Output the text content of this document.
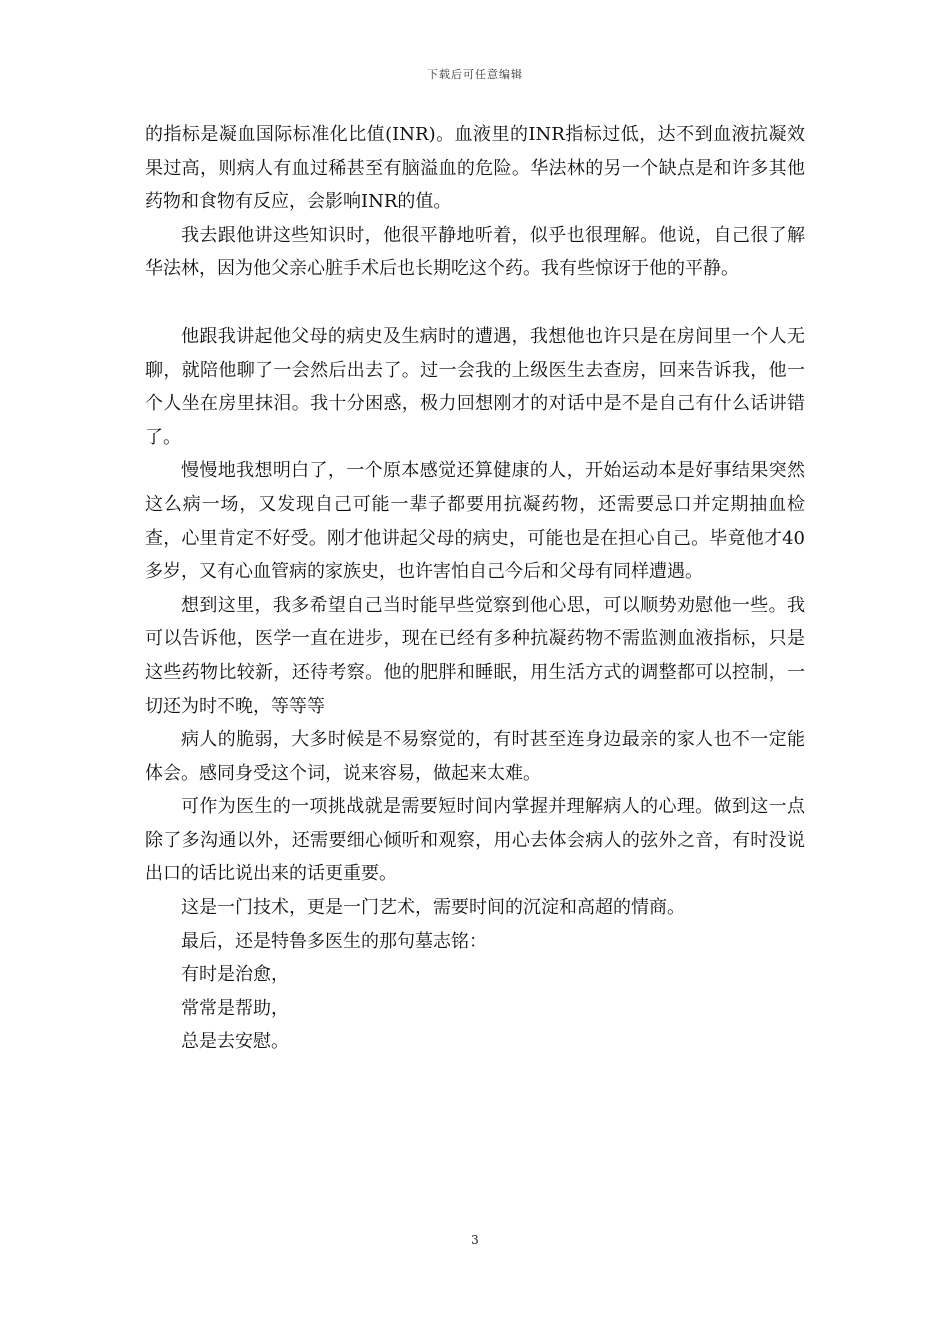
下载后可任意编辑

的指标是凝血国际标准化比值(INR)。血液里的INR指标过低，达不到血液抗凝效果过高，则病人有血过稀甚至有脑溢血的危险。华法林的另一个缺点是和许多其他药物和食物有反应，会影响INR的值。

我去跟他讲这些知识时，他很平静地听着，似乎也很理解。他说，自己很了解华法林，因为他父亲心脏手术后也长期吃这个药。我有些惊讶于他的平静。

他跟我讲起他父母的病史及生病时的遭遇，我想他也许只是在房间里一个人无聊，就陪他聊了一会然后出去了。过一会我的上级医生去查房，回来告诉我，他一个人坐在房里抹泪。我十分困惑，极力回想刚才的对话中是不是自己有什么话讲错了。

慢慢地我想明白了，一个原本感觉还算健康的人，开始运动本是好事结果突然这么病一场，又发现自己可能一辈子都要用抗凝药物，还需要忌口并定期抽血检查，心里肯定不好受。刚才他讲起父母的病史，可能也是在担心自己。毕竟他才40多岁，又有心血管病的家族史，也许害怕自己今后和父母有同样遭遇。

想到这里，我多希望自己当时能早些觉察到他心思，可以顺势劝慰他一些。我可以告诉他，医学一直在进步，现在已经有多种抗凝药物不需监测血液指标，只是这些药物比较新，还待考察。他的肥胖和睡眠，用生活方式的调整都可以控制，一切还为时不晚，等等等

病人的脆弱，大多时候是不易察觉的，有时甚至连身边最亲的家人也不一定能体会。感同身受这个词，说来容易，做起来太难。

可作为医生的一项挑战就是需要短时间内掌握并理解病人的心理。做到这一点除了多沟通以外，还需要细心倾听和观察，用心去体会病人的弦外之音，有时没说出口的话比说出来的话更重要。

这是一门技术，更是一门艺术，需要时间的沉淀和高超的情商。

最后，还是特鲁多医生的那句墓志铭：

有时是治愈，

常常是帮助，

总是去安慰。

3
